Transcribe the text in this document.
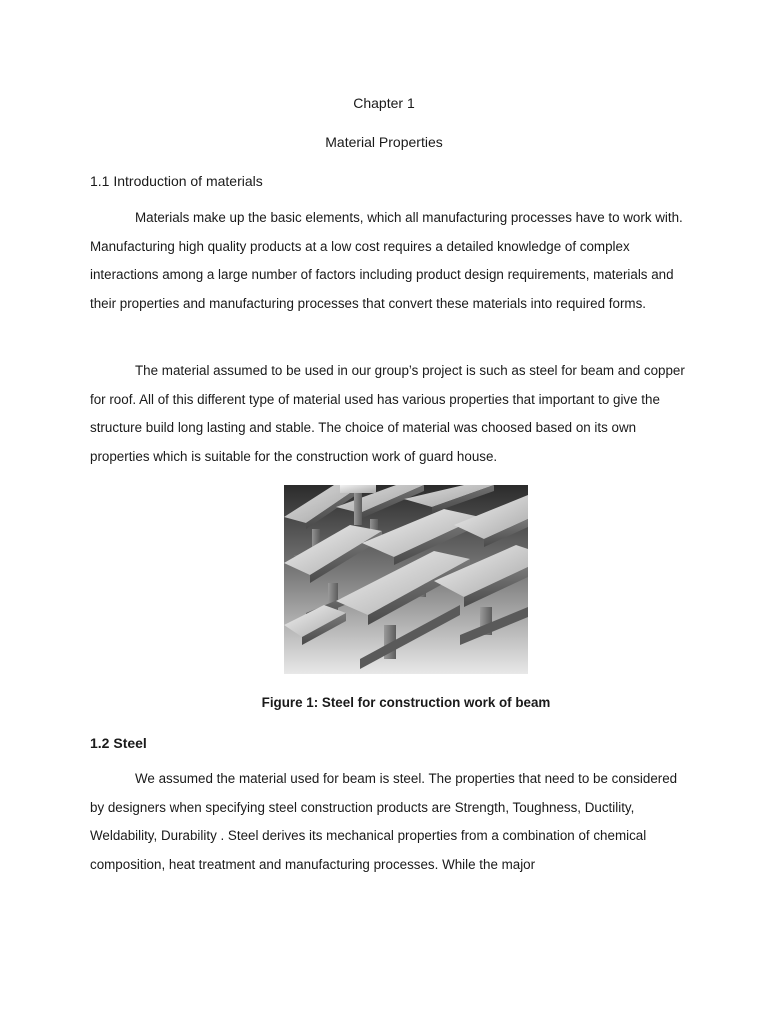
Chapter 1
Material Properties
1.1 Introduction of materials

Materials make up the basic elements, which all manufacturing processes have to work with. Manufacturing high quality products at a low cost requires a detailed knowledge of complex interactions among a large number of factors including product design requirements, materials and their properties and manufacturing processes that convert these materials into required forms.

The material assumed to be used in our group’s project is such as steel for beam and copper for roof. All of this different type of material used has various properties that important to give the structure build long lasting and stable. The choice of material was choosed based on its own properties which is suitable for the construction work of guard house.

Figure 1: Steel for construction work of beam
1.2 Steel

We assumed the material used for beam is steel. The properties that need to be considered by designers when specifying steel construction products are Strength, Toughness, Ductility, Weldability, Durability . Steel derives its mechanical properties from a combination of chemical composition, heat treatment and manufacturing processes. While the major
